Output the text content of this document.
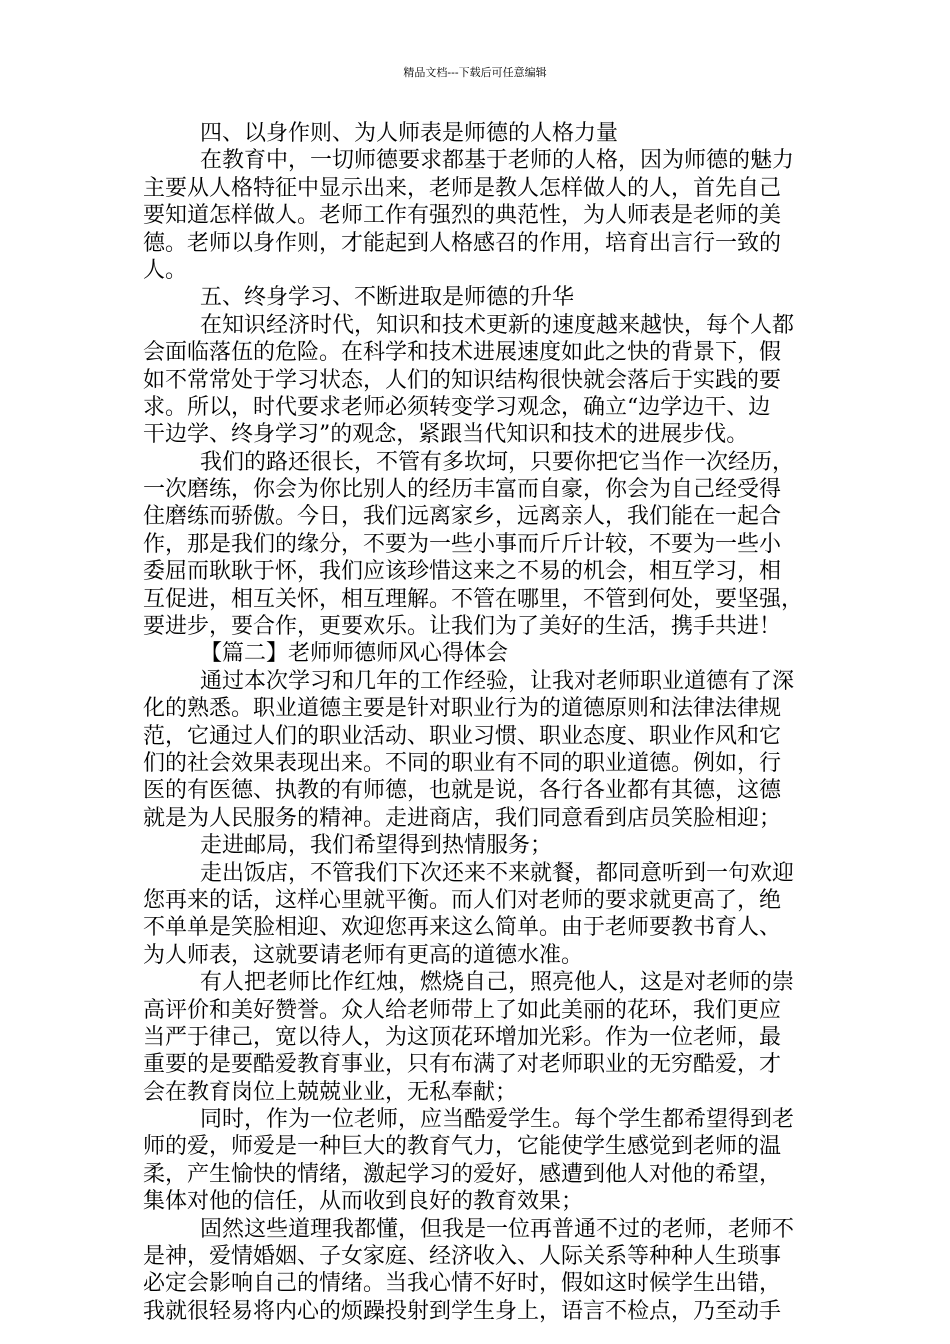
精品文档---下载后可任意编辑
四、以身作则、为人师表是师德的人格力量
在教育中，一切师德要求都基于老师的人格，因为师德的魅力
主要从人格特征中显示出来，老师是教人怎样做人的人，首先自己
要知道怎样做人。老师工作有强烈的典范性，为人师表是老师的美
德。老师以身作则，才能起到人格感召的作用，培育出言行一致的
人。
五、终身学习、不断进取是师德的升华
在知识经济时代，知识和技术更新的速度越来越快，每个人都
会面临落伍的危险。在科学和技术进展速度如此之快的背景下，假
如不常常处于学习状态，人们的知识结构很快就会落后于实践的要
求。所以，时代要求老师必须转变学习观念，确立“边学边干、边
干边学、终身学习”的观念，紧跟当代知识和技术的进展步伐。
我们的路还很长，不管有多坎坷，只要你把它当作一次经历，
一次磨练，你会为你比别人的经历丰富而自豪，你会为自己经受得
住磨练而骄傲。今日，我们远离家乡，远离亲人，我们能在一起合
作，那是我们的缘分，不要为一些小事而斤斤计较，不要为一些小
委屈而耿耿于怀，我们应该珍惜这来之不易的机会，相互学习，相
互促进，相互关怀，相互理解。不管在哪里，不管到何处，要坚强，
要进步，要合作，更要欢乐。让我们为了美好的生活，携手共进！
【篇二】老师师德师风心得体会
通过本次学习和几年的工作经验，让我对老师职业道德有了深
化的熟悉。职业道德主要是针对职业行为的道德原则和法律法律规
范，它通过人们的职业活动、职业习惯、职业态度、职业作风和它
们的社会效果表现出来。不同的职业有不同的职业道德。例如，行
医的有医德、执教的有师德，也就是说，各行各业都有其德，这德
就是为人民服务的精神。走进商店，我们同意看到店员笑脸相迎；
走进邮局，我们希望得到热情服务；
走出饭店，不管我们下次还来不来就餐，都同意听到一句欢迎
您再来的话，这样心里就平衡。而人们对老师的要求就更高了，绝
不单单是笑脸相迎、欢迎您再来这么简单。由于老师要教书育人、
为人师表，这就要请老师有更高的道德水准。
有人把老师比作红烛，燃烧自己，照亮他人，这是对老师的崇
高评价和美好赞誉。众人给老师带上了如此美丽的花环，我们更应
当严于律己，宽以待人，为这顶花环增加光彩。作为一位老师，最
重要的是要酷爱教育事业，只有布满了对老师职业的无穷酷爱，才
会在教育岗位上兢兢业业，无私奉献；
同时，作为一位老师，应当酷爱学生。每个学生都希望得到老
师的爱，师爱是一种巨大的教育气力，它能使学生感觉到老师的温
柔，产生愉快的情绪，激起学习的爱好，感遭到他人对他的希望，
集体对他的信任，从而收到良好的教育效果；
固然这些道理我都懂，但我是一位再普通不过的老师，老师不
是神，爱情婚姻、子女家庭、经济收入、人际关系等种种人生琐事
必定会影响自己的情绪。当我心情不好时，假如这时候学生出错，
我就很轻易将内心的烦躁投射到学生身上，语言不检点，乃至动手
